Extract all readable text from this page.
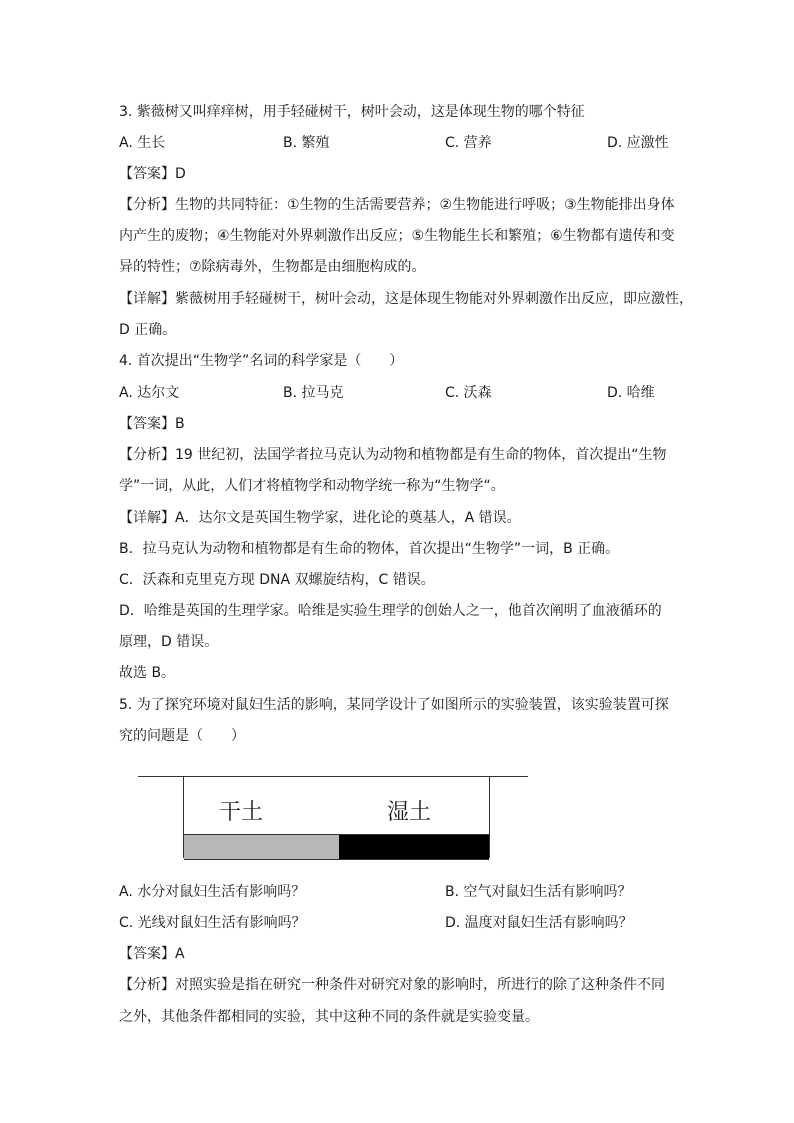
3. 紫薇树又叫痒痒树，用手轻碰树干，树叶会动，这是体现生物的哪个特征
A. 生长	B. 繁殖	C. 营养	D. 应激性
【答案】D
【分析】生物的共同特征：①生物的生活需要营养；②生物能进行呼吸；③生物能排出身体
内产生的废物；④生物能对外界刺激作出反应；⑤生物能生长和繁殖；⑥生物都有遗传和变
异的特性；⑦除病毒外，生物都是由细胞构成的。
【详解】紫薇树用手轻碰树干，树叶会动，这是体现生物能对外界刺激作出反应，即应激性，
D 正确。
4. 首次提出“生物学”名词的科学家是（　　）
A. 达尔文	B. 拉马克	C. 沃森	D. 哈维
【答案】B
【分析】19 世纪初，法国学者拉马克认为动物和植物都是有生命的物体，首次提出“生物
学”一词，从此，人们才将植物学和动物学统一称为“生物学“。
【详解】A．达尔文是英国生物学家，进化论的奠基人，A 错误。
B．拉马克认为动物和植物都是有生命的物体，首次提出“生物学”一词，B 正确。
C．沃森和克里克方现 DNA 双螺旋结构，C 错误。
D．哈维是英国的生理学家。哈维是实验生理学的创始人之一，他首次阐明了血液循环的
原理，D 错误。
故选 B。
5. 为了探究环境对鼠妇生活的影响，某同学设计了如图所示的实验装置，该实验装置可探
究的问题是（　　）
干土	湿土
A. 水分对鼠妇生活有影响吗？	B. 空气对鼠妇生活有影响吗？
C. 光线对鼠妇生活有影响吗？	D. 温度对鼠妇生活有影响吗？
【答案】A
【分析】对照实验是指在研究一种条件对研究对象的影响时，所进行的除了这种条件不同
之外，其他条件都相同的实验，其中这种不同的条件就是实验变量。
